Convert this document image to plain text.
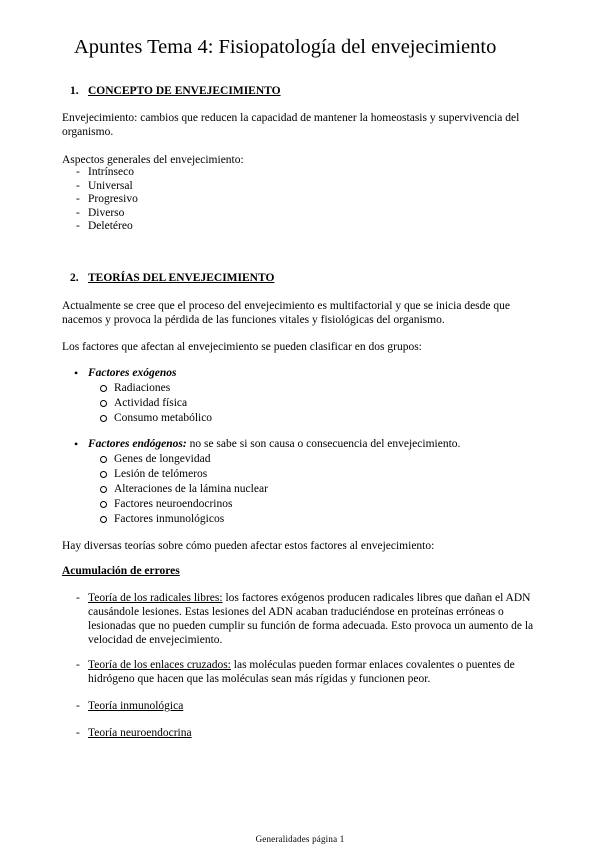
Apuntes Tema 4: Fisiopatología del envejecimiento
1. CONCEPTO DE ENVEJECIMIENTO

Envejecimiento: cambios que reducen la capacidad de mantener la homeostasis y supervivencia del organismo.

Aspectos generales del envejecimiento:

- Intrínseco
- Universal
- Progresivo
- Diverso
- Deletéreo
2. TEORÍAS DEL ENVEJECIMIENTO

Actualmente se cree que el proceso del envejecimiento es multifactorial y que se inicia desde que nacemos y provoca la pérdida de las funciones vitales y fisiológicas del organismo.

Los factores que afectan al envejecimiento se pueden clasificar en dos grupos:

• Factores exógenos
Radiaciones
Actividad física
Consumo metabólico
• Factores endógenos: no se sabe si son causa o consecuencia del envejecimiento.
Genes de longevidad
Lesión de telómeros
Alteraciones de la lámina nuclear
Factores neuroendocrinos
Factores inmunológicos

Hay diversas teorías sobre cómo pueden afectar estos factores al envejecimiento:

Acumulación de errores
- Teoría de los radicales libres: los factores exógenos producen radicales libres que dañan el ADN causándole lesiones. Estas lesiones del ADN acaban traduciéndose en proteínas erróneas o lesionadas que no pueden cumplir su función de forma adecuada. Esto provoca un aumento de la velocidad de envejecimiento.
- Teoría de los enlaces cruzados: las moléculas pueden formar enlaces covalentes o puentes de hidrógeno que hacen que las moléculas sean más rígidas y funcionen peor.
- Teoría inmunológica
- Teoría neuroendocrina
Generalidades página 1
